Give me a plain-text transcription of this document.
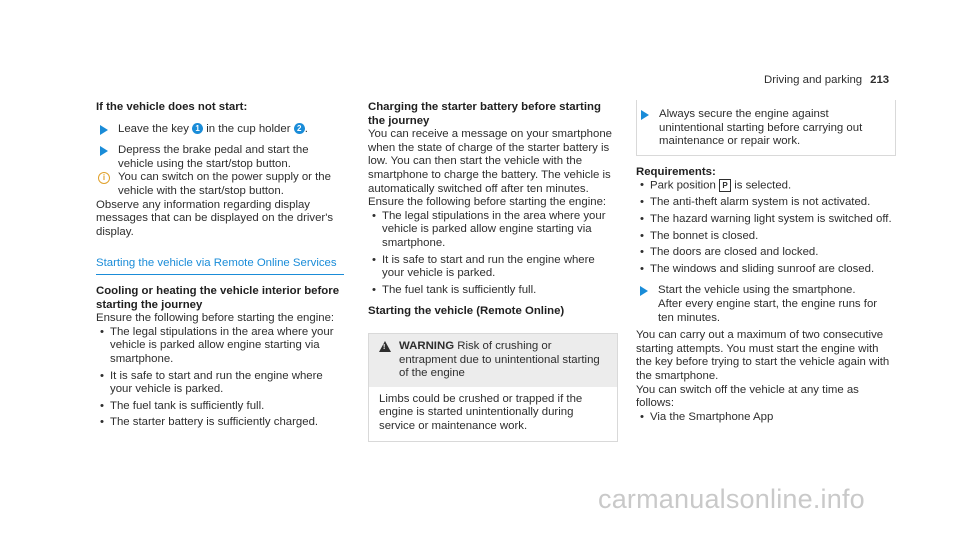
Driving and parking 213
If the vehicle does not start:
Leave the key 1 in the cup holder 2 .
Depress the brake pedal and start the vehicle using the start/stop button.
i	You can switch on the power supply or the vehicle with the start/stop button.
Observe any information regarding display messages that can be displayed on the driver's display.
Starting the vehicle via Remote Online Services
Cooling or heating the vehicle interior before starting the journey
Ensure the following before starting the engine:
• The legal stipulations in the area where your vehicle is parked allow engine starting via smartphone.
• It is safe to start and run the engine where your vehicle is parked.
• The fuel tank is sufficiently full.
• The starter battery is sufficiently charged.
Charging the starter battery before starting the journey
You can receive a message on your smartphone when the state of charge of the starter battery is low. You can then start the vehicle with the smartphone to charge the battery. The vehicle is automatically switched off after ten minutes.
Ensure the following before starting the engine:
• The legal stipulations in the area where your vehicle is parked allow engine starting via smartphone.
• It is safe to start and run the engine where your vehicle is parked.
• The fuel tank is sufficiently full.
Starting the vehicle (Remote Online)
! WARNING Risk of crushing or entrapment due to unintentional starting of the engine
Limbs could be crushed or trapped if the engine is started unintentionally during service or maintenance work.
Always secure the engine against unintentional starting before carrying out maintenance or repair work.
Requirements:
• Park position P is selected.
• The anti-theft alarm system is not activated.
• The hazard warning light system is switched off.
• The bonnet is closed.
• The doors are closed and locked.
• The windows and sliding sunroof are closed.
Start the vehicle using the smartphone.
After every engine start, the engine runs for ten minutes.
You can carry out a maximum of two consecutive starting attempts. You must start the engine with the key before trying to start the vehicle again with the smartphone.
You can switch off the vehicle at any time as follows:
• Via the Smartphone App
carmanualsonline.info
